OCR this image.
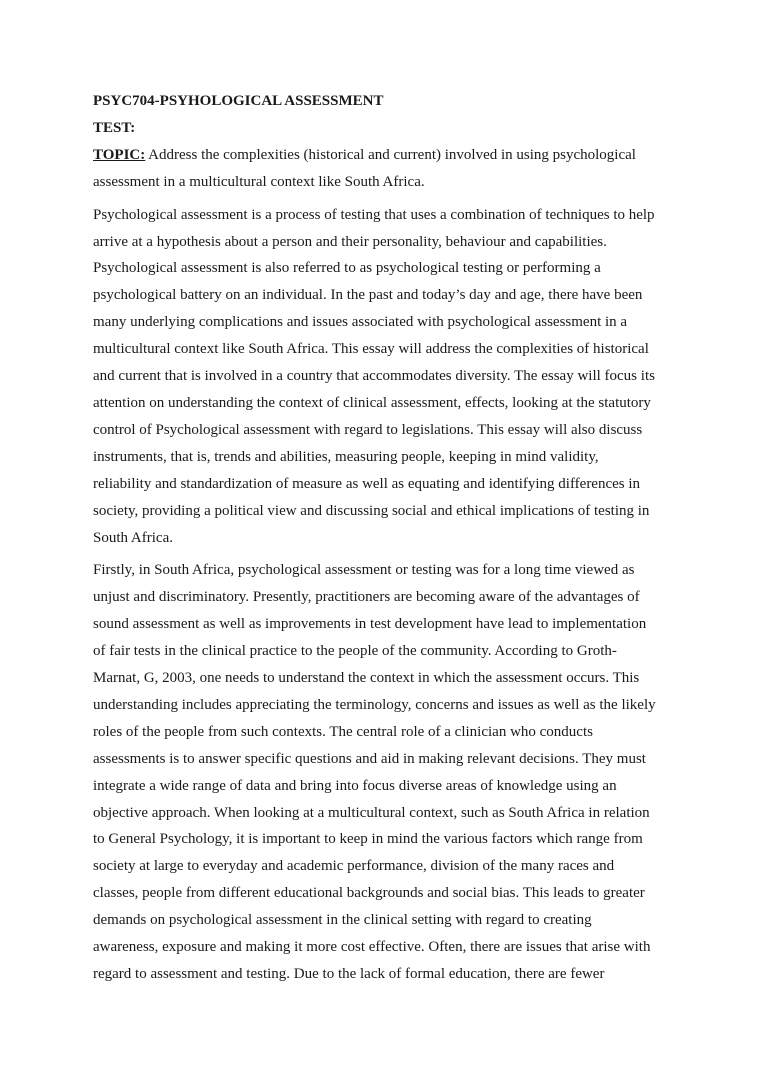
PSYC704-PSYHOLOGICAL ASSESSMENT
TEST:
TOPIC: Address the complexities (historical and current) involved in using psychological
assessment in a multicultural context like South Africa.
Psychological assessment is a process of testing that uses a combination of techniques to help
arrive at a hypothesis about a person and their personality, behaviour and capabilities.
Psychological assessment is also referred to as psychological testing or performing a
psychological battery on an individual. In the past and today’s day and age, there have been
many underlying complications and issues associated with psychological assessment in a
multicultural context like South Africa. This essay will address the complexities of historical
and current that is involved in a country that accommodates diversity. The essay will focus its
attention on understanding the context of clinical assessment, effects, looking at the statutory
control of Psychological assessment with regard to legislations. This essay will also discuss
instruments, that is, trends and abilities, measuring people, keeping in mind validity,
reliability and standardization of measure as well as equating and identifying differences in
society, providing a political view and discussing social and ethical implications of testing in
South Africa.
Firstly, in South Africa, psychological assessment or testing was for a long time viewed as
unjust and discriminatory. Presently, practitioners are becoming aware of the advantages of
sound assessment as well as improvements in test development have lead to implementation
of fair tests in the clinical practice to the people of the community. According to Groth-
Marnat, G, 2003, one needs to understand the context in which the assessment occurs. This
understanding includes appreciating the terminology, concerns and issues as well as the likely
roles of the people from such contexts. The central role of a clinician who conducts
assessments is to answer specific questions and aid in making relevant decisions. They must
integrate a wide range of data and bring into focus diverse areas of knowledge using an
objective approach. When looking at a multicultural context, such as South Africa in relation
to General Psychology, it is important to keep in mind the various factors which range from
society at large to everyday and academic performance, division of the many races and
classes, people from different educational backgrounds and social bias. This leads to greater
demands on psychological assessment in the clinical setting with regard to creating
awareness, exposure and making it more cost effective. Often, there are issues that arise with
regard to assessment and testing. Due to the lack of formal education, there are fewer
